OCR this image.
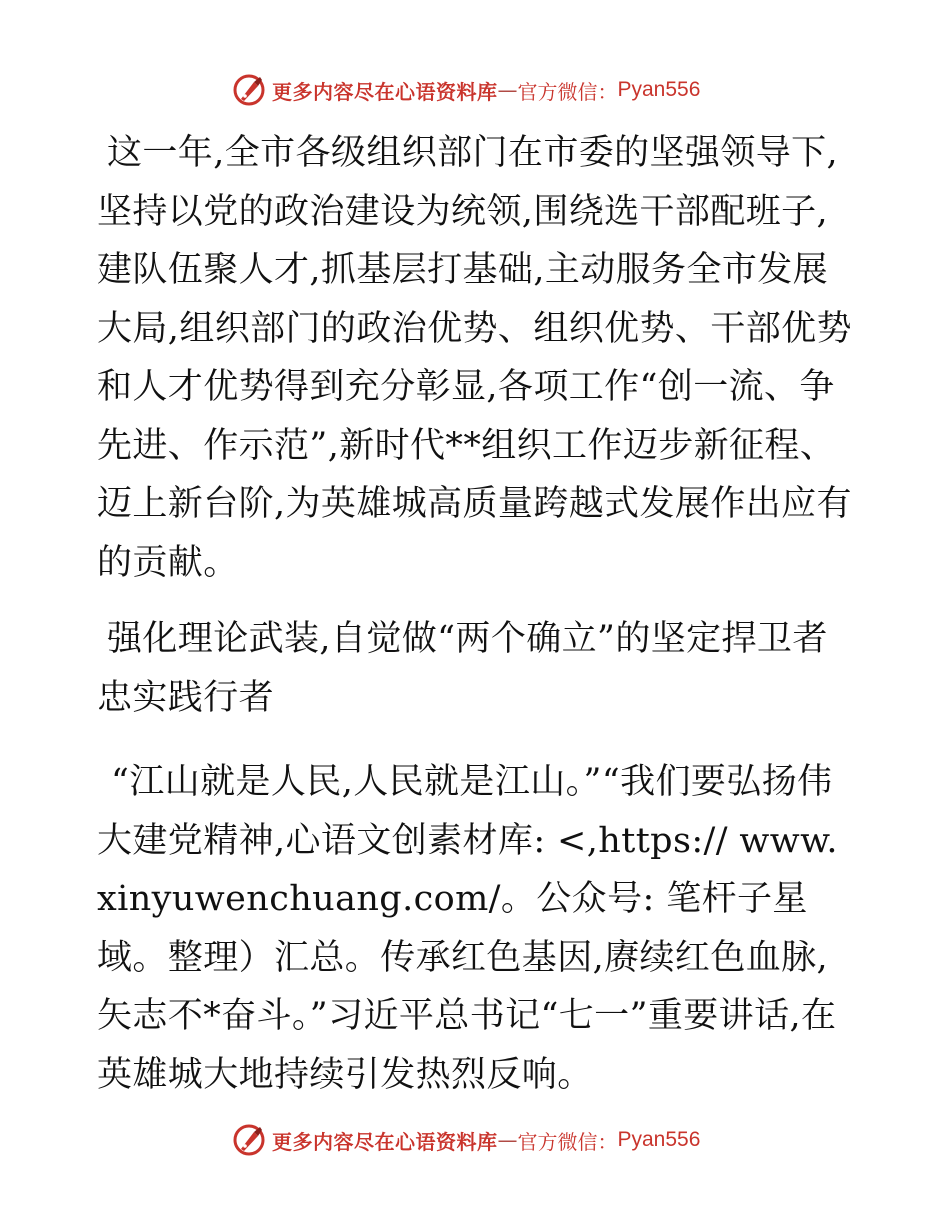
更多内容尽在心语资料库 — 官方微信： Pyan556

这一年,全市各级组织部门在市委的坚强领导下,坚持以党的政治建设为统领,围绕选干部配班子,建队伍聚人才,抓基层打基础,主动服务全市发展大局,组织部门的政治优势、组织优势、干部优势和人才优势得到充分彰显,各项工作“创一流、争先进、作示范”,新时代**组织工作迈步新征程、迈上新台阶,为英雄城高质量跨越式发展作出应有的贡献。

强化理论武装,自觉做“两个确立”的坚定捍卫者忠实践行者

“江山就是人民,人民就是江山。”“我们要弘扬伟大建党精神,心语文创素材库: <,https:// www.xinyuwenchuang.com/。公众号: 笔杆子星域。整理）汇总。传承红色基因,赓续红色血脉,矢志不*奋斗。”习近平总书记“七一”重要讲话,在英雄城大地持续引发热烈反响。

更多内容尽在心语资料库 — 官方微信： Pyan556
